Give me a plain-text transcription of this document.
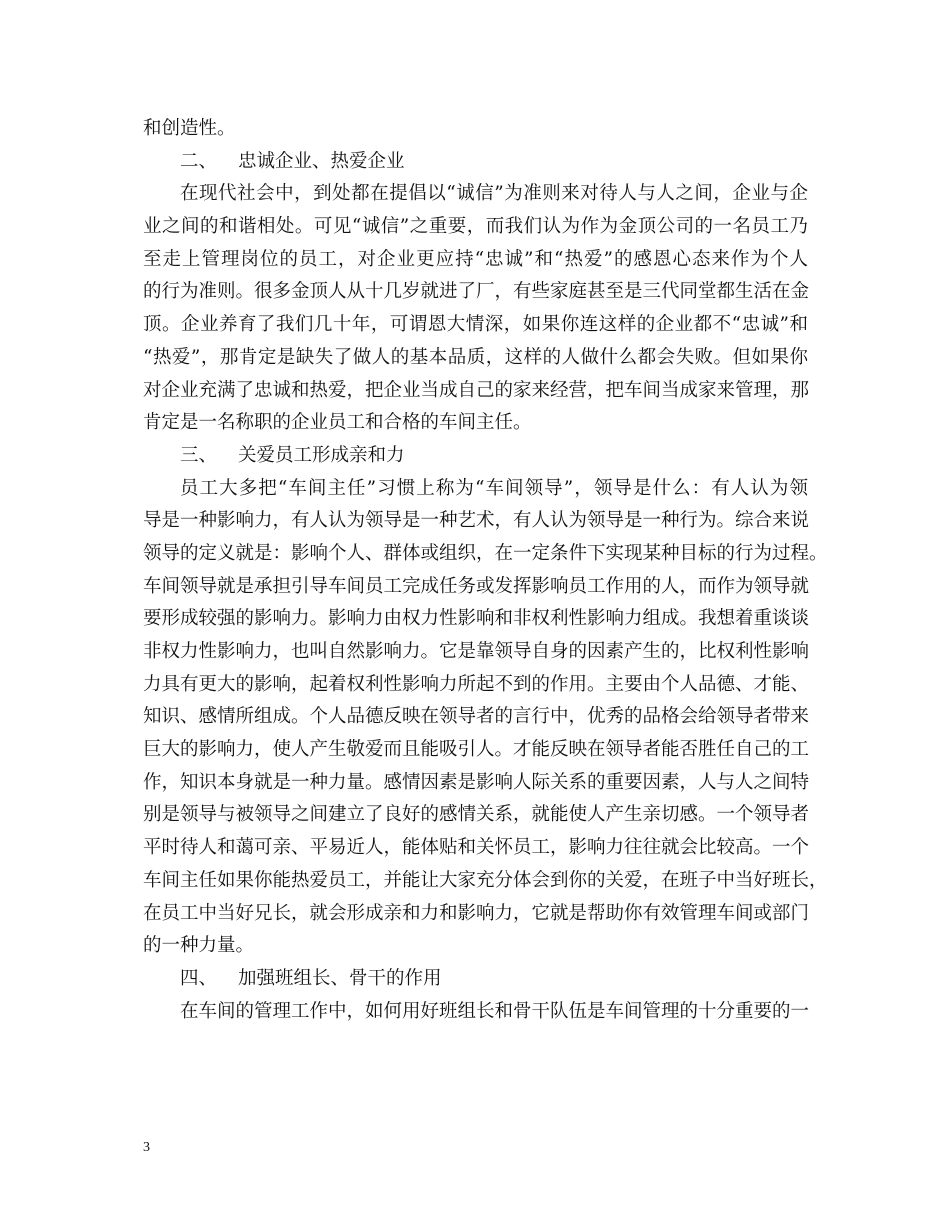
和创造性。
二、 忠诚企业、热爱企业
在现代社会中，到处都在提倡以“诚信”为准则来对待人与人之间，企业与企
业之间的和谐相处。可见“诚信”之重要，而我们认为作为金顶公司的一名员工乃
至走上管理岗位的员工，对企业更应持“忠诚”和“热爱”的感恩心态来作为个人
的行为准则。很多金顶人从十几岁就进了厂，有些家庭甚至是三代同堂都生活在金
顶。企业养育了我们几十年，可谓恩大情深，如果你连这样的企业都不“忠诚”和
“热爱”，那肯定是缺失了做人的基本品质，这样的人做什么都会失败。但如果你
对企业充满了忠诚和热爱，把企业当成自己的家来经营，把车间当成家来管理，那
肯定是一名称职的企业员工和合格的车间主任。
三、 关爱员工形成亲和力
员工大多把“车间主任”习惯上称为“车间领导”，领导是什么：有人认为领
导是一种影响力，有人认为领导是一种艺术，有人认为领导是一种行为。综合来说
领导的定义就是：影响个人、群体或组织，在一定条件下实现某种目标的行为过程。
车间领导就是承担引导车间员工完成任务或发挥影响员工作用的人，而作为领导就
要形成较强的影响力。影响力由权力性影响和非权利性影响力组成。我想着重谈谈
非权力性影响力，也叫自然影响力。它是靠领导自身的因素产生的，比权利性影响
力具有更大的影响，起着权利性影响力所起不到的作用。主要由个人品德、才能、
知识、感情所组成。个人品德反映在领导者的言行中，优秀的品格会给领导者带来
巨大的影响力，使人产生敬爱而且能吸引人。才能反映在领导者能否胜任自己的工
作，知识本身就是一种力量。感情因素是影响人际关系的重要因素，人与人之间特
别是领导与被领导之间建立了良好的感情关系，就能使人产生亲切感。一个领导者
平时待人和蔼可亲、平易近人，能体贴和关怀员工，影响力往往就会比较高。一个
车间主任如果你能热爱员工，并能让大家充分体会到你的关爱，在班子中当好班长，
在员工中当好兄长，就会形成亲和力和影响力，它就是帮助你有效管理车间或部门
的一种力量。
四、 加强班组长、骨干的作用
在车间的管理工作中，如何用好班组长和骨干队伍是车间管理的十分重要的一
3
